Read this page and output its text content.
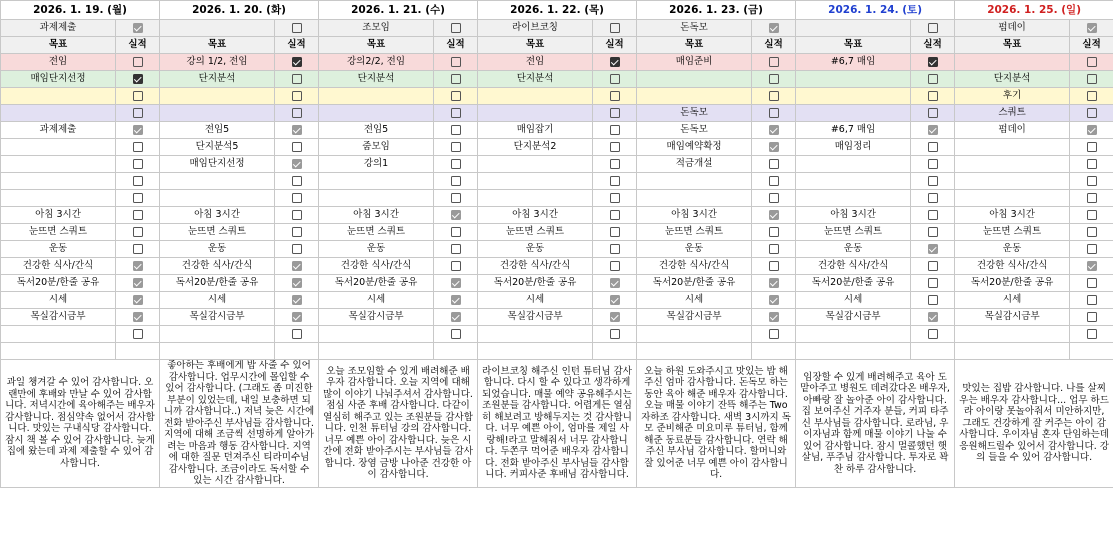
2026. 1. 19. (월)		2026. 1. 20. (화)		2026. 1. 21. (수)		2026. 1. 22. (목)		2026. 1. 23. (금)		2026. 1. 24. (토)		2026. 1. 25. (일)	
과제제출				조모임		라이브코칭		돈독모				펌데이	
목표	실적	목표	실적	목표	실적	목표	실적	목표	실적	목표	실적	목표	실적
전임		강의 1/2, 전임		강의2/2, 전임		전임		매임준비		#6,7 매임			
매임단지선정		단지분석		단지분석		단지분석						단지분석	
												후기	
								돈독모				스쿼트	
과제제출		전임5		전임5		매임잡기		돈독모		#6,7 매임		펌데이	
		단지분석5		줌모임		단지분석2		매임예약확정		매임정리			
		매임단지선정		강의1				적금개설					

아침 3시간		아침 3시간		아침 3시간		아침 3시간		아침 3시간		아침 3시간		아침 3시간	
눈뜨면 스쿼트		눈뜨면 스쿼트		눈뜨면 스쿼트		눈뜨면 스쿼트		눈뜨면 스쿼트		눈뜨면 스쿼트		눈뜨면 스쿼트	
운동		운동		운동		운동		운동		운동		운동	
건강한 식사/간식		건강한 식사/간식		건강한 식사/간식		건강한 식사/간식		건강한 식사/간식		건강한 식사/간식		건강한 식사/간식	
독서20분/한줄 공유		독서20분/한줄 공유		독서20분/한줄 공유		독서20분/한줄 공유		독서20분/한줄 공유		독서20분/한줄 공유		독서20분/한줄 공유	
시세		시세		시세		시세		시세		시세		시세	
목실감시금부		목실감시금부		목실감시금부		목실감시금부		목실감시금부		목실감시금부		목실감시금부	

과일 챙겨갈 수 있어 감사합니다. 오랜만에 후배와 만날 수 있어 감사합니다. 저녁시간에 육아해주는 배우자 감사합니다. 점심약속 없어서 감사합니다. 맛있는 구내식당 감사합니다. 잠시 책 볼 수 있어 감사합니다. 늦게 집에 왔는데 과제 제출할 수 있어 감사합니다.		좋아하는 후배에게 밥 사줄 수 있어 감사합니다. 업무시간에 몰입할 수 있어 감사합니다. (그래도 좀 미진한 부분이 있었는데, 내일 보충하면 되니까 감사합니다..) 저녁 늦은 시간에 전화 받아주신 부사님들 감사합니다. 지역에 대해 조금씩 선명하게 알아가려는 마음과 행동 감사합니다. 지역에 대한 질문 던져주신 티라미수님 감사합니다. 조금이라도 독서할 수 있는 시간 감사합니다.		오늘 조모임할 수 있게 배려해준 배우자 감사합니다. 오늘 지역에 대해 많이 이야기 나눠주셔서 감사합니다. 점심 사준 후배 감사합니다. 다같이 열심히 해주고 있는 조원분들 감사합니다. 인천 튜터님 강의 감사합니다. 너무 예쁜 아이 감사합니다. 늦은 시간에 전화 받아주시는 부사님들 감사합니다. 장염 금방 나아준 건강한 아이 감사합니다.		라이브코칭 해주신 인턴 튜터님 감사합니다. 다시 할 수 있다고 생각하게 되었습니다. 매물 예약 공유해주시는 조원분들 감사합니다. 어렵게든 열심히 해보려고 방해두지는 것 감사합니다. 너무 예쁜 아이, 엄마를 제일 사랑해!라고 말해줘서 너무 감사합니다. 두쫀쿠 먹어준 배우자 감사합니다. 전화 받아주신 부사님들 감사합니다. 커피사준 후배님 감사합니다.		오늘 하원 도와주시고 맛있는 밥 해주신 엄마 감사합니다. 돈독모 하는 동안 육아 해준 배우자 감사합니다. 오늘 매물 이야기 잔뜩 해주는 Two자하조 감사합니다. 새벽 3시까지 독모 준비해준 미요미루 튜터님, 함께 해준 동료분들 감사합니다. 연락 해주신 부사님 감사합니다. 할머니와 잘 있어준 너무 예쁜 아이 감사합니다.		임장할 수 있게 배려해주고 육아 도맡아주고 병원도 데려갔다온 배우자, 아빠랑 잘 놀아준 아이 감사합니다. 집 보여주신 거주자 분들, 커피 타주신 부사님들 감사합니다. 로라님, 우이자님과 함께 매물 이야기 나눌 수 있어 감사합니다. 잠시 멀콜했던 햇살님, 푸주님 감사합니다. 투자로 꽉찬 하루 감사합니다.		맛있는 집밥 감사합니다. 나를 살찌우는 배우자 감사합니다... 업무 하드라 아이랑 못놀아줘서 미안하지만, 그래도 건강하게 잘 커주는 아이 감사합니다. 우이자님 혼자 단임하는데 응원해드릴수 있어서 감사합니다. 강의 들을 수 있어 감사합니다.	
